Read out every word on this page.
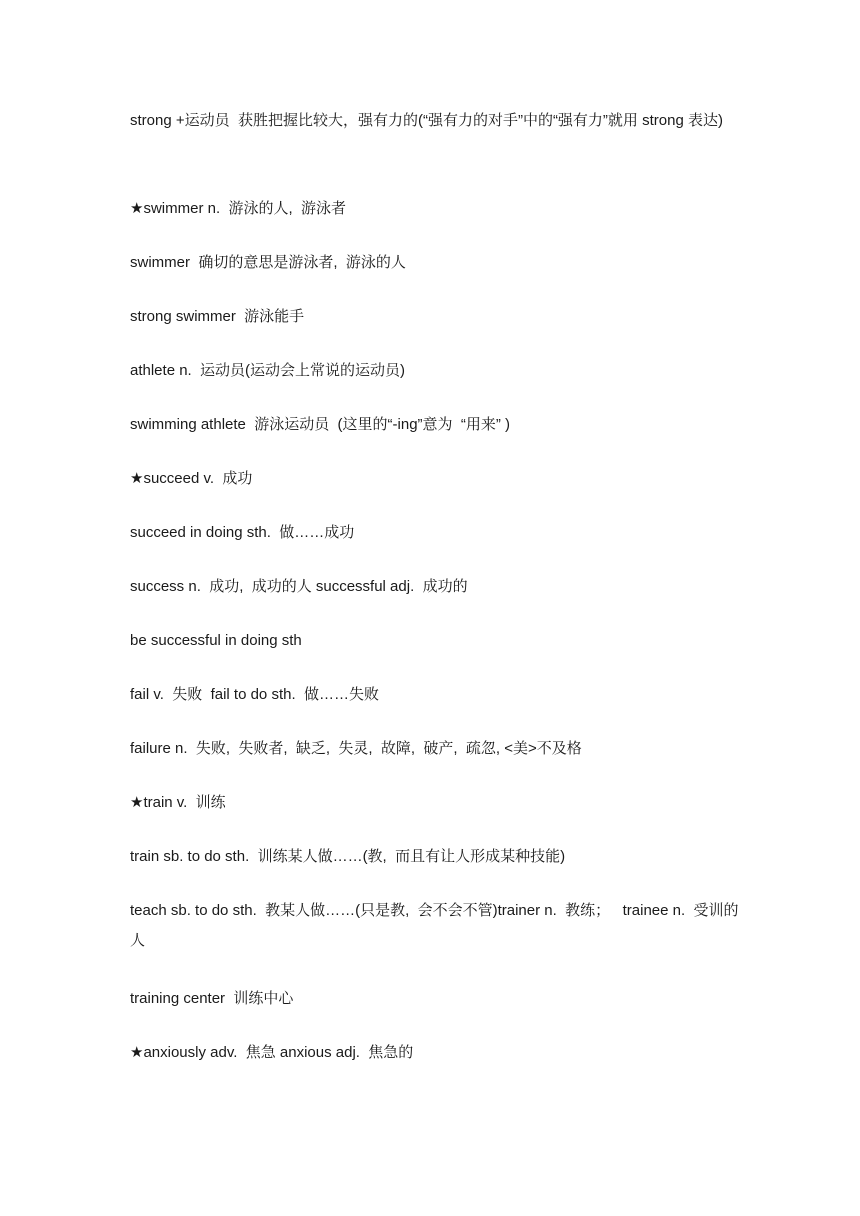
strong +运动员  获胜把握比较大，强有力的(“强有力的对手”中的“强有力”就用 strong 表达)
★swimmer n.  游泳的人,  游泳者
swimmer  确切的意思是游泳者,  游泳的人
strong swimmer  游泳能手
athlete n.  运动员(运动会上常说的运动员)
swimming athlete  游泳运动员  (这里的“-ing”意为  “用来” )
★succeed v.  成功
succeed in doing sth.  做……成功
success n.  成功,  成功的人 successful adj.  成功的
be successful in doing sth
fail v.  失败  fail to do sth.  做……失败
failure n.  失败,  失败者,  缺乏,  失灵,  故障,  破产,  疏忽, <美>不及格
★train v.  训练
train sb. to do sth.  训练某人做……(教,  而且有让人形成某种技能)
teach sb. to do sth.  教某人做……(只是教,  会不会不管)trainer n.  教练；   trainee n.  受训的人
training center  训练中心
★anxiously adv.  焦急 anxious adj.  焦急的
